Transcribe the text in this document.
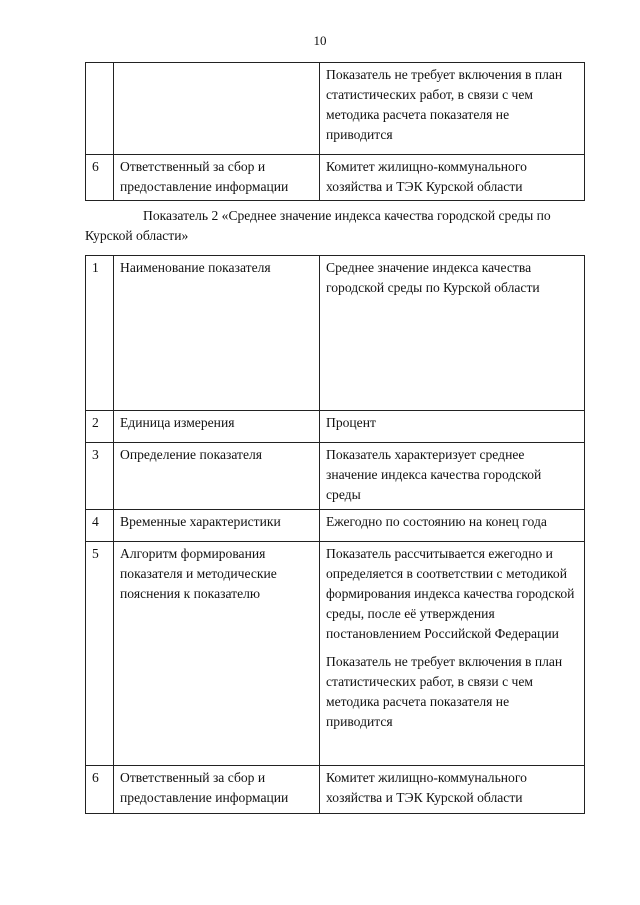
10
		Показатель не требует включения в план статистических работ, в связи с чем методика расчета показателя не приводится
6	Ответственный за сбор и предоставление информации	Комитет жилищно-коммунального хозяйства и ТЭК Курской области
Показатель 2 «Среднее значение индекса качества городской среды по Курской области»
1	Наименование показателя	Среднее значение индекса качества городской среды по Курской области
2	Единица измерения	Процент
3	Определение показателя	Показатель характеризует среднее значение индекса качества городской среды
4	Временные характеристики	Ежегодно по состоянию на конец года
5	Алгоритм формирования показателя и методические пояснения к показателю	Показатель рассчитывается ежегодно и определяется в соответствии с методикой формирования индекса качества городской среды, после её утверждения постановлением Российской Федерации
Показатель не требует включения в план статистических работ, в связи с чем методика расчета показателя не приводится

6	Ответственный за сбор и предоставление информации	Комитет жилищно-коммунального хозяйства и ТЭК Курской области
